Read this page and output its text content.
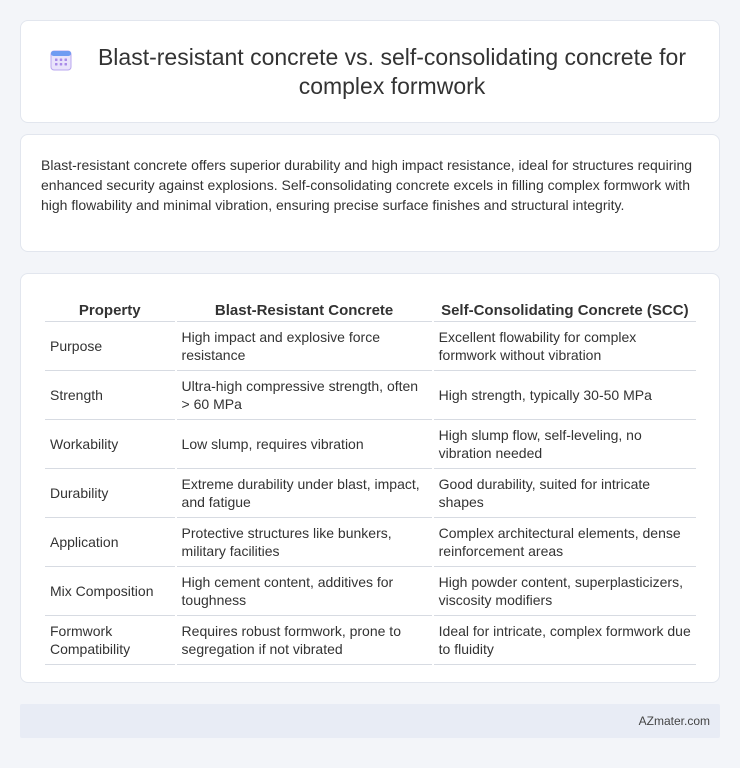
Blast-resistant concrete vs. self-consolidating concrete for complex formwork

Blast-resistant concrete offers superior durability and high impact resistance, ideal for structures requiring enhanced security against explosions. Self-consolidating concrete excels in filling complex formwork with high flowability and minimal vibration, ensuring precise surface finishes and structural integrity.

Property	Blast-Resistant Concrete	Self-Consolidating Concrete (SCC)
Purpose	High impact and explosive force resistance	Excellent flowability for complex formwork without vibration
Strength	Ultra-high compressive strength, often > 60 MPa	High strength, typically 30-50 MPa
Workability	Low slump, requires vibration	High slump flow, self-leveling, no vibration needed
Durability	Extreme durability under blast, impact, and fatigue	Good durability, suited for intricate shapes
Application	Protective structures like bunkers, military facilities	Complex architectural elements, dense reinforcement areas
Mix Composition	High cement content, additives for toughness	High powder content, superplasticizers, viscosity modifiers
Formwork Compatibility	Requires robust formwork, prone to segregation if not vibrated	Ideal for intricate, complex formwork due to fluidity
AZmater.com
